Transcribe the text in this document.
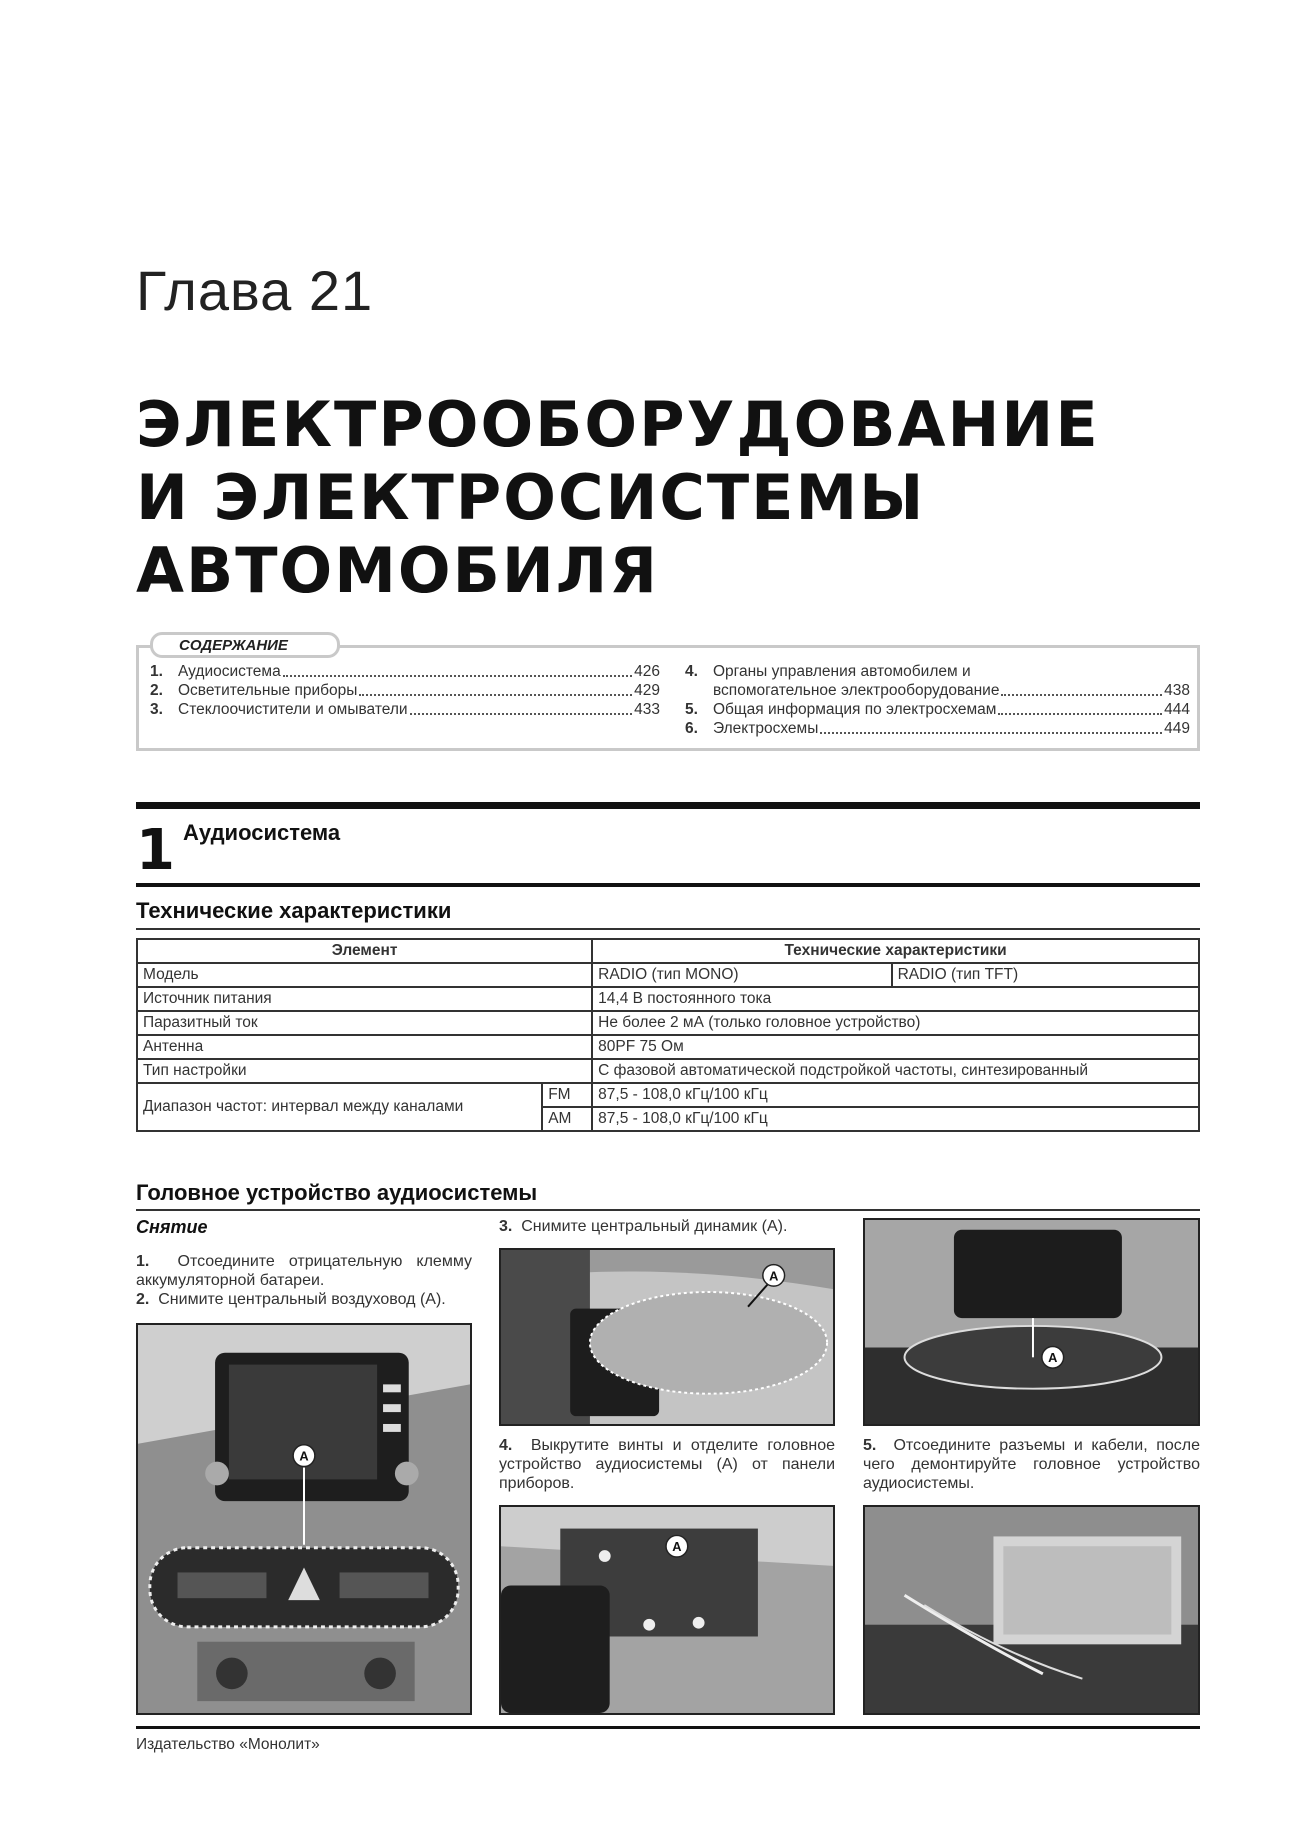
Глава 21
ЭЛЕКТРООБОРУДОВАНИЕ
И ЭЛЕКТРОСИСТЕМЫ
АВТОМОБИЛЯ
СОДЕРЖАНИЕ
1. Аудиосистема	426
2. Осветительные приборы	429
3. Стеклоочистители и омыватели	433
4. Органы управления автомобилем и
вспомогательное электрооборудование	438
5. Общая информация по электросхемам	444
6. Электросхемы	449
1 Аудиосистема
Технические характеристики
Элемент		Технические характеристики	
Модель		RADIO (тип MONO)	RADIO (тип TFT)
Источник питания		14,4 В постоянного тока	
Паразитный ток		Не более 2 мА (только головное устройство)	
Антенна		80PF 75 Ом	
Тип настройки		С фазовой автоматической подстройкой частоты, синтезированный	
Диапазон частот: интервал между каналами	FM	87,5 - 108,0 кГц/100 кГц	
	AM	87,5 - 108,0 кГц/100 кГц	
Головное устройство аудиосистемы
Снятие
1. Отсоедините отрицательную клемму аккумуляторной батареи.
2. Снимите центральный воздуховод (А).
A
3. Снимите центральный динамик (А).
A
4. Выкрутите винты и отделите головное устройство аудиосистемы (А) от панели приборов.
A
A
5. Отсоедините разъемы и кабели, после чего демонтируйте головное устройство аудиосистемы.
Издательство «Монолит»
